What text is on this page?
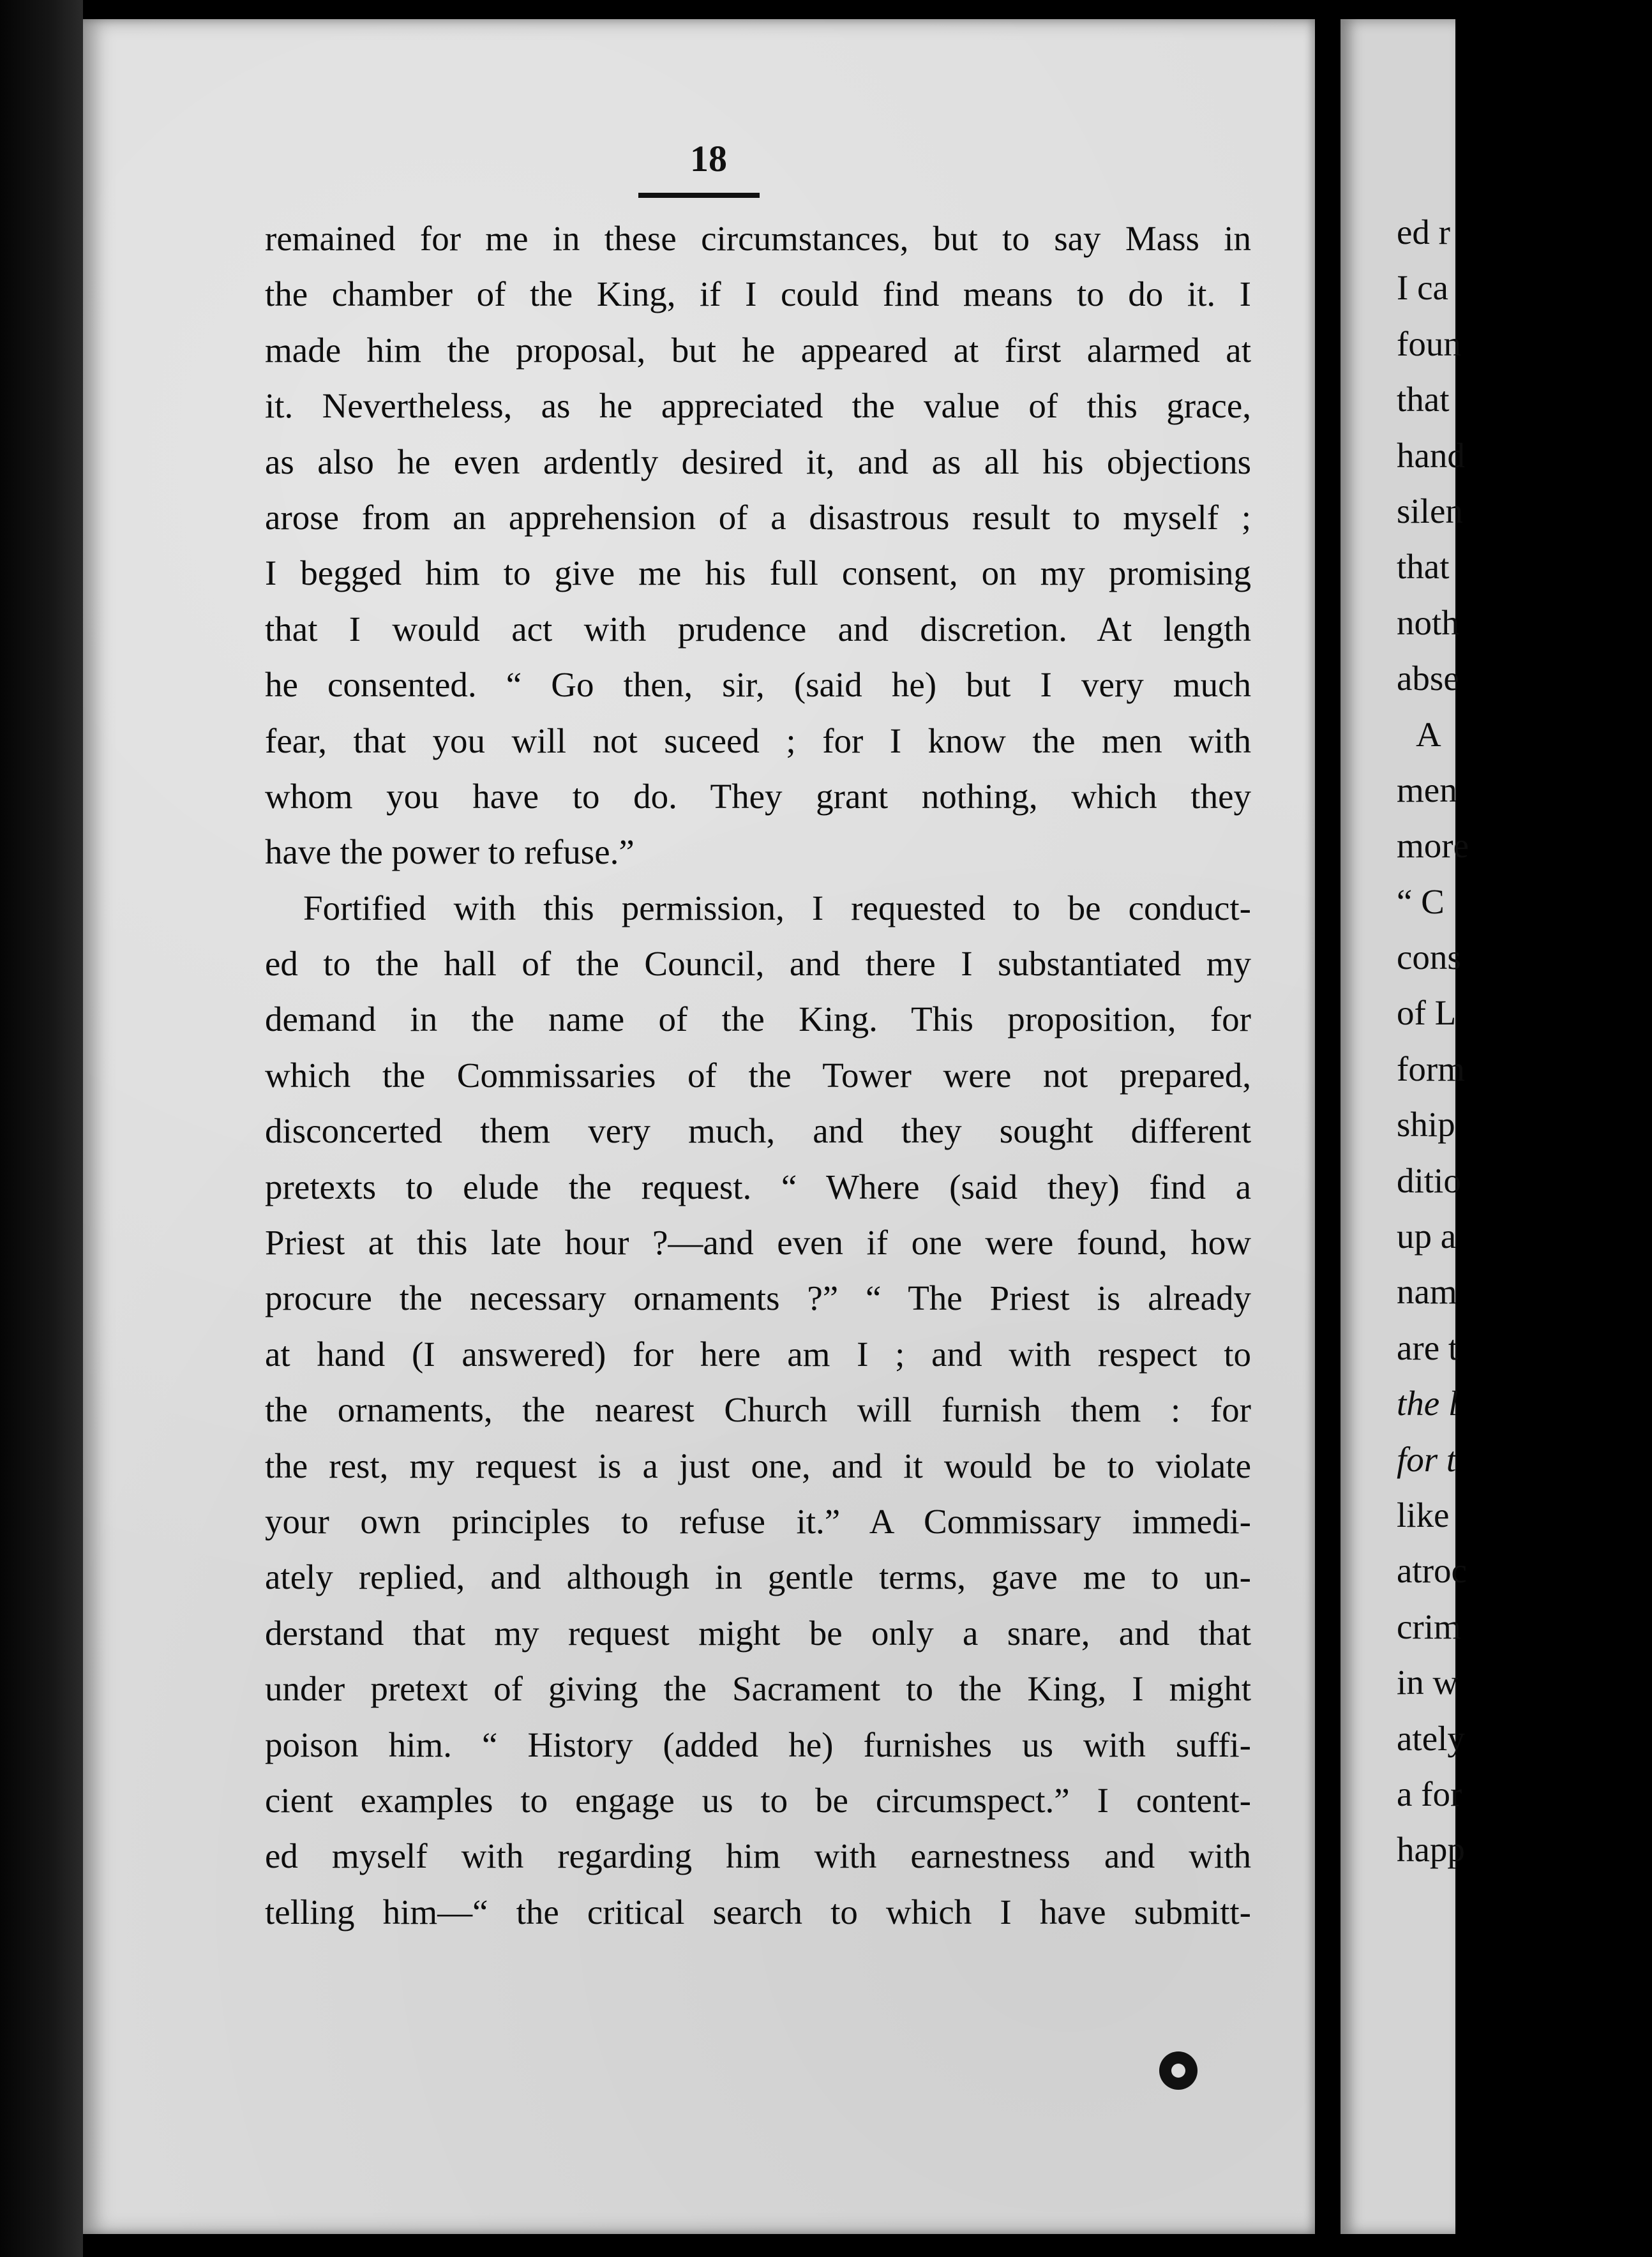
18

remained for me in these circumstances, but to say Mass in
the chamber of the King, if I could find means to do it. I
made him the proposal, but he appeared at first alarmed at
it. Nevertheless, as he appreciated the value of this grace,
as also he even ardently desired it, and as all his objections
arose from an apprehension of a disastrous result to myself ;
I begged him to give me his full consent, on my promising
that I would act with prudence and discretion. At length
he consented. “ Go then, sir, (said he) but I very much
fear, that you will not suceed ; for I know the men with
whom you have to do. They grant nothing, which they
have the power to refuse.”
Fortified with this permission, I requested to be conduct-
ed to the hall of the Council, and there I substantiated my
demand in the name of the King. This proposition, for
which the Commissaries of the Tower were not prepared,
disconcerted them very much, and they sought different
pretexts to elude the request. “ Where (said they) find a
Priest at this late hour ?—and even if one were found, how
procure the necessary ornaments ?” “ The Priest is already
at hand (I answered) for here am I ; and with respect to
the ornaments, the nearest Church will furnish them : for
the rest, my request is a just one, and it would be to violate
your own principles to refuse it.” A Commissary immedi-
ately replied, and although in gentle terms, gave me to un-
derstand that my request might be only a snare, and that
under pretext of giving the Sacrament to the King, I might
poison him. “ History (added he) furnishes us with suffi-
cient examples to engage us to be circumspect.” I content-
ed myself with regarding him with earnestness and with
telling him—“ the critical search to which I have submitt-
ed r
I ca
foun
that
hand
silen
that
noth
abse
A
men
more
“ C
cons
of L
form
ship
ditio
up a
nam
are t
the l
for t
like
atroc
crim
in w
ately
a for
happ
